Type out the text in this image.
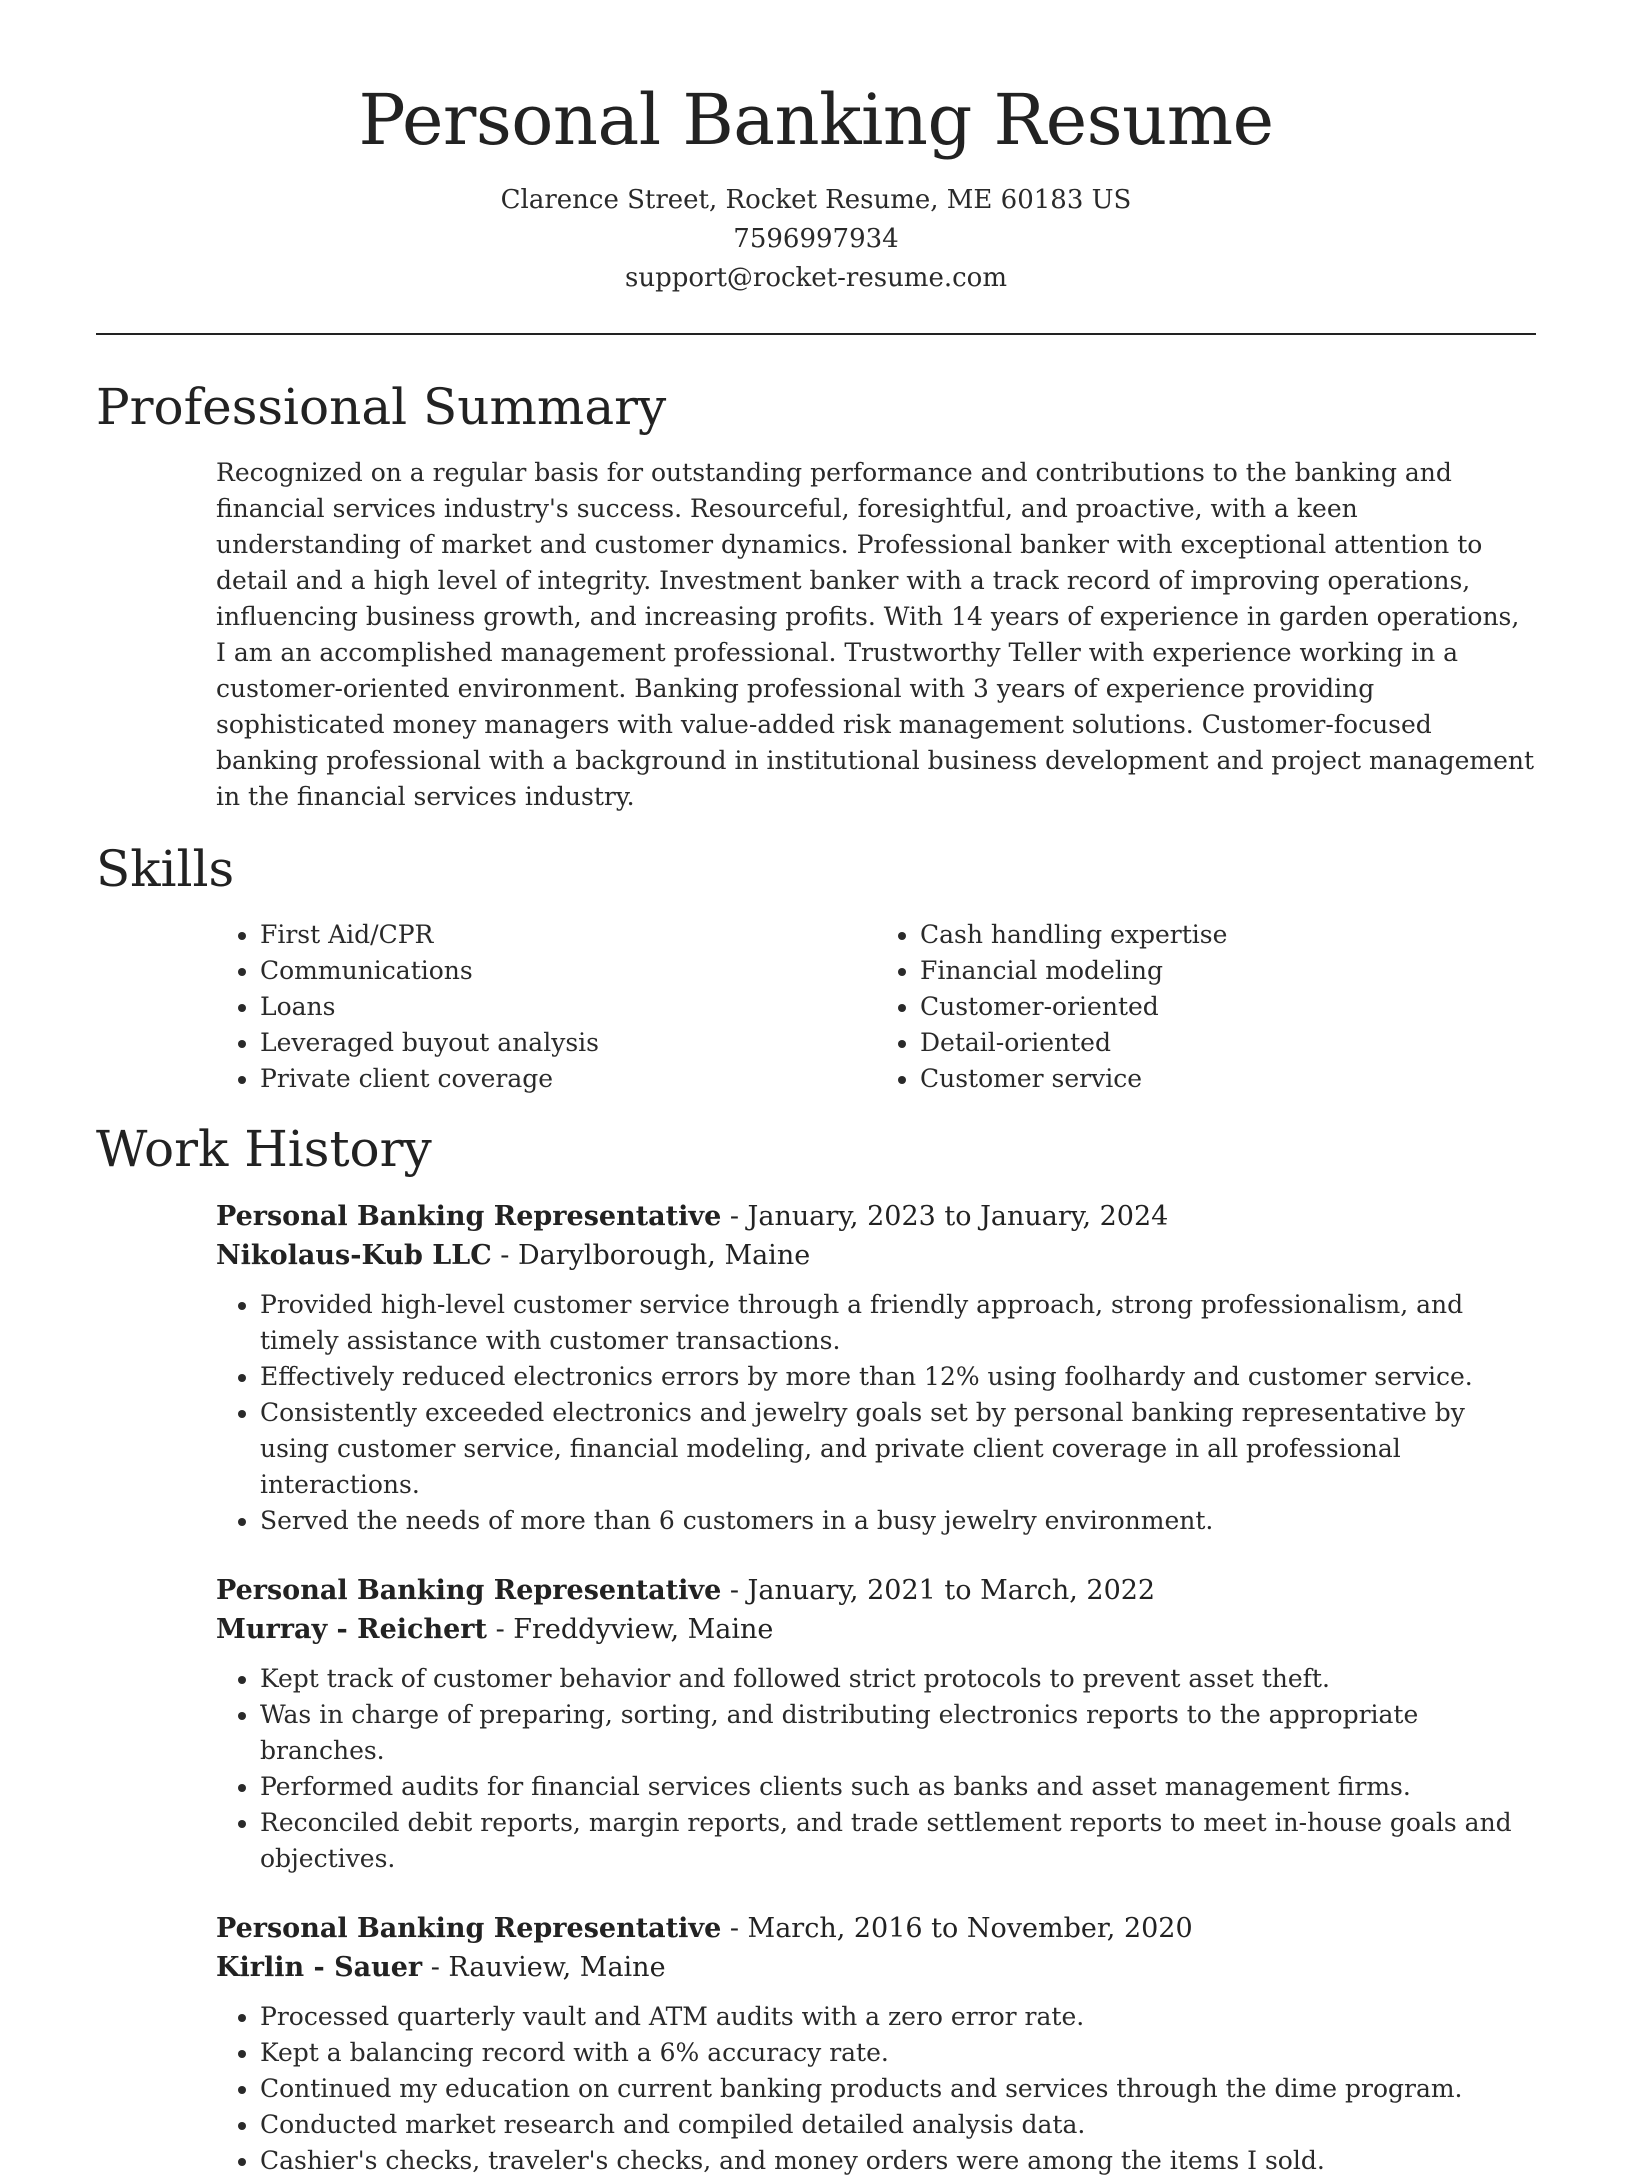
Personal Banking Resume
Clarence Street, Rocket Resume, ME 60183 US
7596997934
support@rocket-resume.com
Professional Summary

Recognized on a regular basis for outstanding performance and contributions to the banking and financial services industry's success. Resourceful, foresightful, and proactive, with a keen understanding of market and customer dynamics. Professional banker with exceptional attention to detail and a high level of integrity. Investment banker with a track record of improving operations, influencing business growth, and increasing profits. With 14 years of experience in garden operations, I am an accomplished management professional. Trustworthy Teller with experience working in a customer-oriented environment. Banking professional with 3 years of experience providing sophisticated money managers with value-added risk management solutions. Customer-focused banking professional with a background in institutional business development and project management in the financial services industry.

Skills
• First Aid/CPR
• Communications
• Loans
• Leveraged buyout analysis
• Private client coverage
• Cash handling expertise
• Financial modeling
• Customer-oriented
• Detail-oriented
• Customer service
Work History
Personal Banking Representative - January, 2023 to January, 2024
Nikolaus-Kub LLC - Darylborough, Maine
• Provided high-level customer service through a friendly approach, strong professionalism, and timely assistance with customer transactions.
• Effectively reduced electronics errors by more than 12% using foolhardy and customer service.
• Consistently exceeded electronics and jewelry goals set by personal banking representative by using customer service, financial modeling, and private client coverage in all professional interactions.
• Served the needs of more than 6 customers in a busy jewelry environment.
Personal Banking Representative - January, 2021 to March, 2022
Murray - Reichert - Freddyview, Maine
• Kept track of customer behavior and followed strict protocols to prevent asset theft.
• Was in charge of preparing, sorting, and distributing electronics reports to the appropriate branches.
• Performed audits for financial services clients such as banks and asset management firms.
• Reconciled debit reports, margin reports, and trade settlement reports to meet in-house goals and objectives.
Personal Banking Representative - March, 2016 to November, 2020
Kirlin - Sauer - Rauview, Maine
• Processed quarterly vault and ATM audits with a zero error rate.
• Kept a balancing record with a 6% accuracy rate.
• Continued my education on current banking products and services through the dime program.
• Conducted market research and compiled detailed analysis data.
• Cashier's checks, traveler's checks, and money orders were among the items I sold.
